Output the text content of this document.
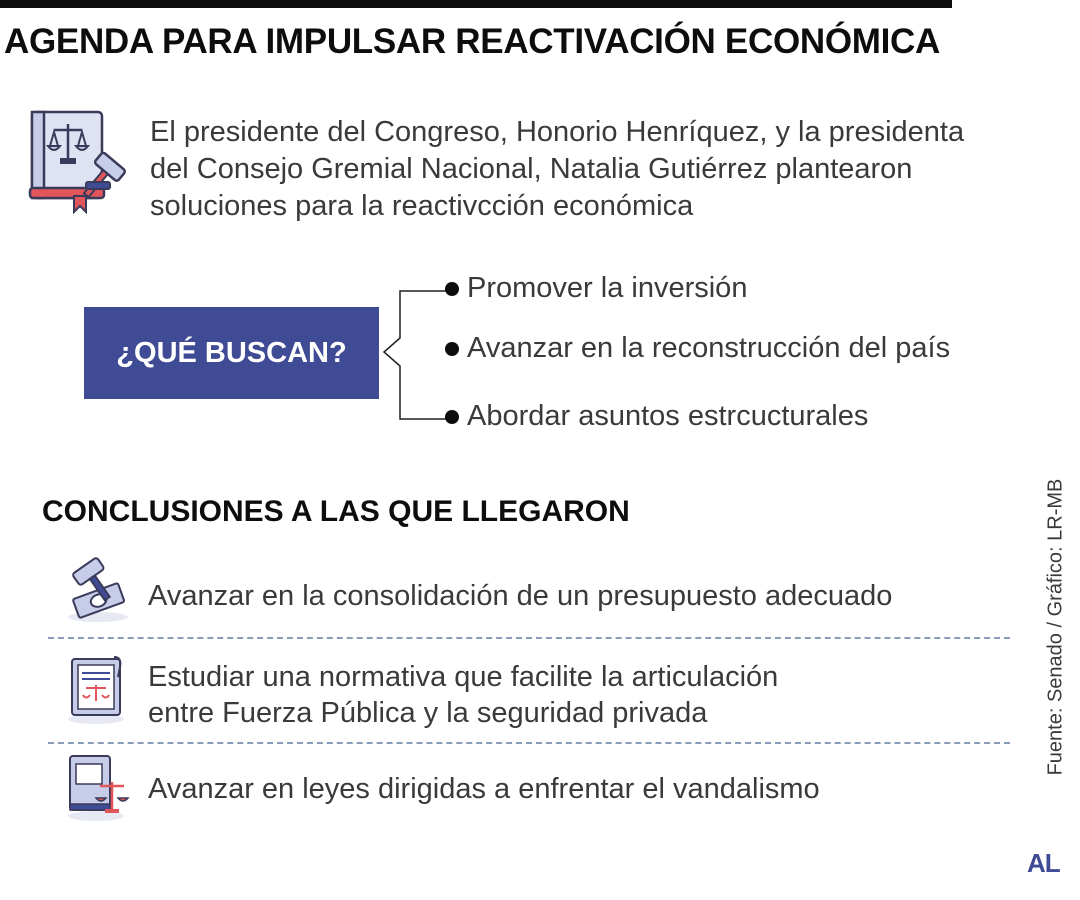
AGENDA PARA IMPULSAR REACTIVACIÓN ECONÓMICA
El presidente del Congreso, Honorio Henríquez, y la presidenta
del Consejo Gremial Nacional, Natalia Gutiérrez plantearon
soluciones para la reactivcción económica
¿QUÉ BUSCAN?
Promover la inversión
Avanzar en la reconstrucción del país
Abordar asuntos estrcucturales
CONCLUSIONES A LAS QUE LLEGARON
Avanzar en la consolidación de un presupuesto adecuado
Estudiar una normativa que facilite la articulación
entre Fuerza Pública y la seguridad privada
Avanzar en leyes dirigidas a enfrentar el vandalismo
Fuente: Senado / Gráfico: LR-MB
AL
